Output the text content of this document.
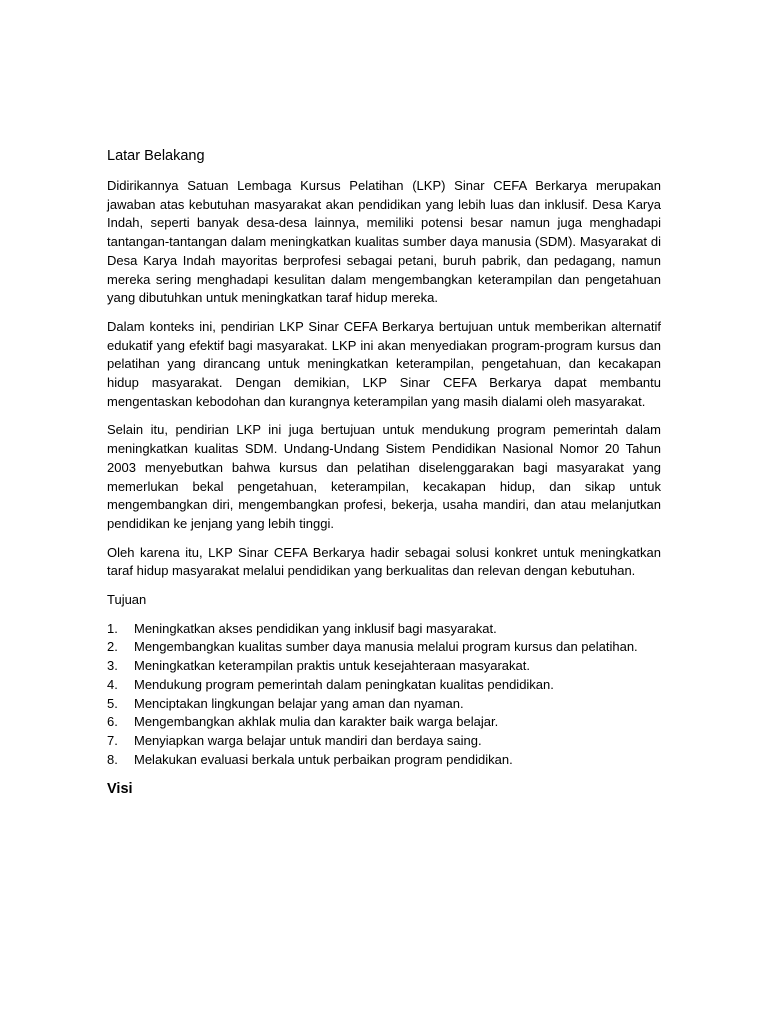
Latar Belakang

Didirikannya Satuan Lembaga Kursus Pelatihan (LKP) Sinar CEFA Berkarya merupakan jawaban atas kebutuhan masyarakat akan pendidikan yang lebih luas dan inklusif. Desa Karya Indah, seperti banyak desa-desa lainnya, memiliki potensi besar namun juga menghadapi tantangan-tantangan dalam meningkatkan kualitas sumber daya manusia (SDM). Masyarakat di Desa Karya Indah mayoritas berprofesi sebagai petani, buruh pabrik, dan pedagang, namun mereka sering menghadapi kesulitan dalam mengembangkan keterampilan dan pengetahuan yang dibutuhkan untuk meningkatkan taraf hidup mereka.

Dalam konteks ini, pendirian LKP Sinar CEFA Berkarya bertujuan untuk memberikan alternatif edukatif yang efektif bagi masyarakat. LKP ini akan menyediakan program-program kursus dan pelatihan yang dirancang untuk meningkatkan keterampilan, pengetahuan, dan kecakapan hidup masyarakat. Dengan demikian, LKP Sinar CEFA Berkarya dapat membantu mengentaskan kebodohan dan kurangnya keterampilan yang masih dialami oleh masyarakat.

Selain itu, pendirian LKP ini juga bertujuan untuk mendukung program pemerintah dalam meningkatkan kualitas SDM. Undang-Undang Sistem Pendidikan Nasional Nomor 20 Tahun 2003 menyebutkan bahwa kursus dan pelatihan diselenggarakan bagi masyarakat yang memerlukan bekal pengetahuan, keterampilan, kecakapan hidup, dan sikap untuk mengembangkan diri, mengembangkan profesi, bekerja, usaha mandiri, dan atau melanjutkan pendidikan ke jenjang yang lebih tinggi.

Oleh karena itu, LKP Sinar CEFA Berkarya hadir sebagai solusi konkret untuk meningkatkan taraf hidup masyarakat melalui pendidikan yang berkualitas dan relevan dengan kebutuhan.

Tujuan

1. Meningkatkan akses pendidikan yang inklusif bagi masyarakat.
2. Mengembangkan kualitas sumber daya manusia melalui program kursus dan pelatihan.
3. Meningkatkan keterampilan praktis untuk kesejahteraan masyarakat.
4. Mendukung program pemerintah dalam peningkatan kualitas pendidikan.
5. Menciptakan lingkungan belajar yang aman dan nyaman.
6. Mengembangkan akhlak mulia dan karakter baik warga belajar.
7. Menyiapkan warga belajar untuk mandiri dan berdaya saing.
8. Melakukan evaluasi berkala untuk perbaikan program pendidikan.
Visi
